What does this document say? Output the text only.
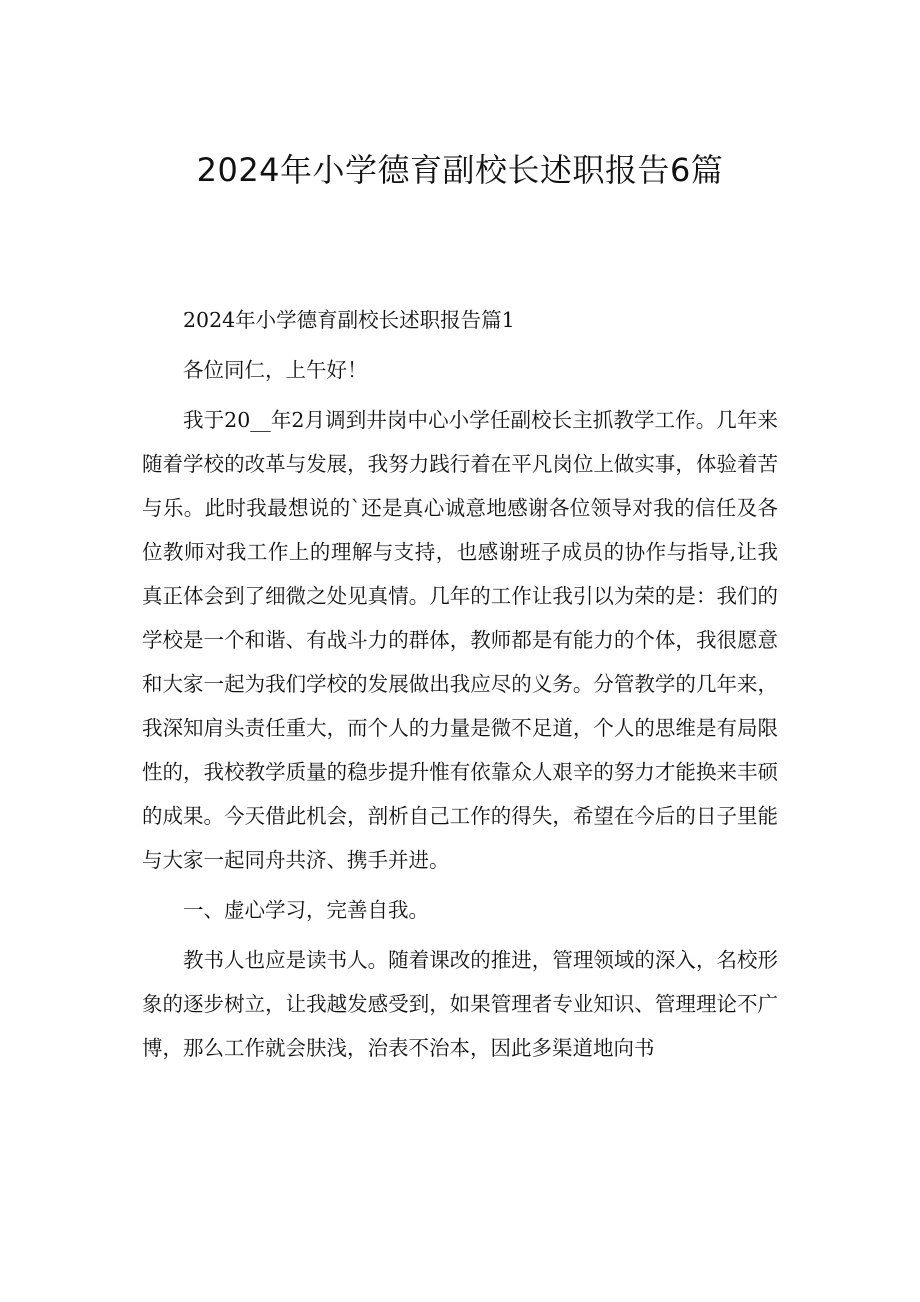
2024年小学德育副校长述职报告6篇

2024年小学德育副校长述职报告篇1

各位同仁，上午好！

我于20__年2月调到井岗中心小学任副校长主抓教学工作。几年来随着学校的改革与发展，我努力践行着在平凡岗位上做实事，体验着苦与乐。此时我最想说的`还是真心诚意地感谢各位领导对我的信任及各位教师对我工作上的理解与支持，也感谢班子成员的协作与指导,让我真正体会到了细微之处见真情。几年的工作让我引以为荣的是：我们的学校是一个和谐、有战斗力的群体，教师都是有能力的个体，我很愿意和大家一起为我们学校的发展做出我应尽的义务。分管教学的几年来，我深知肩头责任重大，而个人的力量是微不足道，个人的思维是有局限性的，我校教学质量的稳步提升惟有依靠众人艰辛的努力才能换来丰硕的成果。今天借此机会，剖析自己工作的得失，希望在今后的日子里能与大家一起同舟共济、携手并进。

一、虚心学习，完善自我。

教书人也应是读书人。随着课改的推进，管理领域的深入，名校形象的逐步树立，让我越发感受到，如果管理者专业知识、管理理论不广博，那么工作就会肤浅，治表不治本，因此多渠道地向书
